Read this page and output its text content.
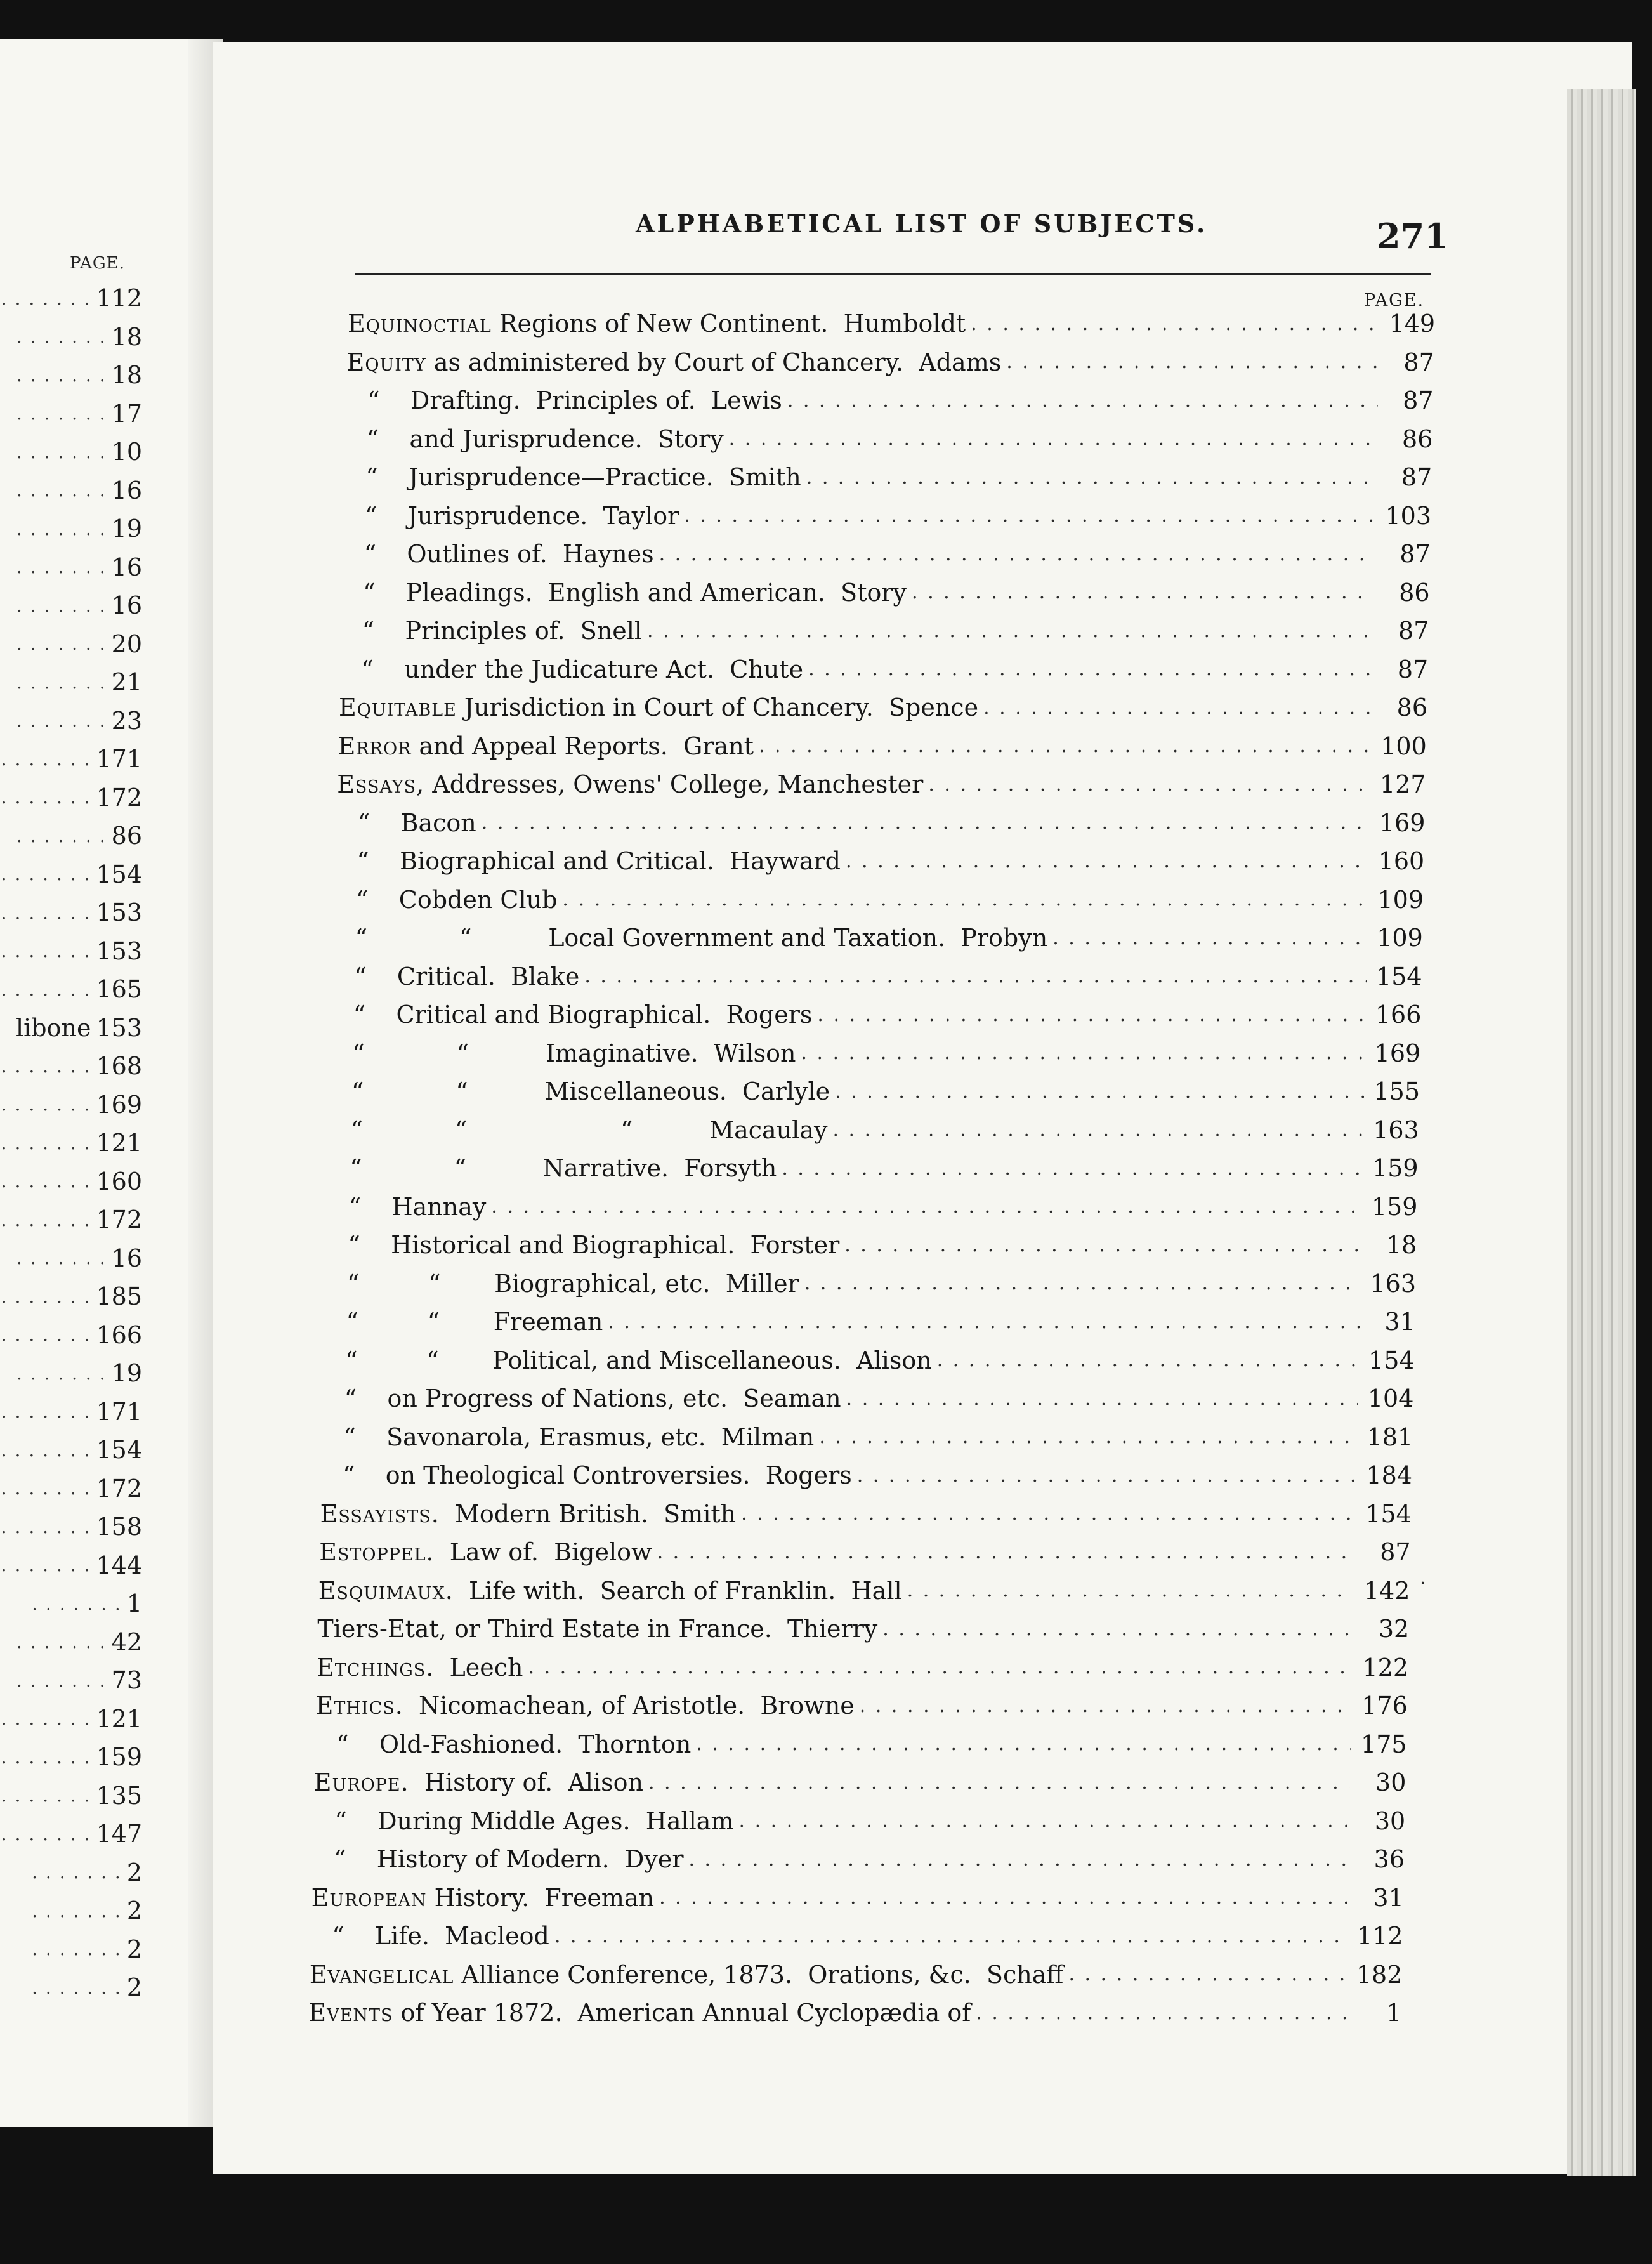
PAGE.
. . . . . . . 112
. . . . . . . 18
. . . . . . . 18
. . . . . . . 17
. . . . . . . 10
. . . . . . . 16
. . . . . . . 19
. . . . . . . 16
. . . . . . . 16
. . . . . . . 20
. . . . . . . 21
. . . . . . . 23
. . . . . . . 171
. . . . . . . 172
. . . . . . . 86
. . . . . . . 154
. . . . . . . 153
. . . . . . . 153
. . . . . . . 165
libone 153
. . . . . . . 168
. . . . . . . 169
. . . . . . . 121
. . . . . . . 160
. . . . . . . 172
. . . . . . . 16
. . . . . . . 185
. . . . . . . 166
. . . . . . . 19
. . . . . . . 171
. . . . . . . 154
. . . . . . . 172
. . . . . . . 158
. . . . . . . 144
. . . . . . . 1
. . . . . . . 42
. . . . . . . 73
. . . . . . . 121
. . . . . . . 159
. . . . . . . 135
. . . . . . . 147
. . . . . . . 2
. . . . . . . 2
. . . . . . . 2
. . . . . . . 2
ALPHABETICAL LIST OF SUBJECTS.	271
PAGE.
Equinoctial Regions of New Continent.  Humboldt . . .	149
Equity as administered by Court of Chancery.  Adams . . .	87
“    Drafting.  Principles of.  Lewis . . .	87
“    and Jurisprudence.  Story . . .	86
“    Jurisprudence—Practice.  Smith . . .	87
“    Jurisprudence.  Taylor . . .	103
“    Outlines of.  Haynes . . .	87
“    Pleadings.  English and American.  Story . . .	86
“    Principles of.  Snell . . .	87
“    under the Judicature Act.  Chute . . .	87
Equitable Jurisdiction in Court of Chancery.  Spence . . .	86
Error and Appeal Reports.  Grant . . .	100
Essays, Addresses, Owens' College, Manchester . . .	127
“    Bacon . . .	169
“    Biographical and Critical.  Hayward . . .	160
“    Cobden Club . . .	109
“            “          Local Government and Taxation.  Probyn . . .	109
“    Critical.  Blake . . .	154
“    Critical and Biographical.  Rogers . . .	166
“            “          Imaginative.  Wilson . . .	169
“            “          Miscellaneous.  Carlyle . . .	155
“            “                    “          Macaulay . . .	163
“            “          Narrative.  Forsyth . . .	159
“    Hannay . . .	159
“    Historical and Biographical.  Forster . . .	18
“         “       Biographical, etc.  Miller . . .	163
“         “       Freeman . . .	31
“         “       Political, and Miscellaneous.  Alison . . .	154
“    on Progress of Nations, etc.  Seaman . . .	104
“    Savonarola, Erasmus, etc.  Milman . . .	181
“    on Theological Controversies.  Rogers . . .	184
Essayists.  Modern British.  Smith . . .	154
Estoppel.  Law of.  Bigelow . . .	87
Esquimaux.  Life with.  Search of Franklin.  Hall . . .	142
Tiers-Etat, or Third Estate in France.  Thierry . . .	32
Etchings.  Leech . . .	122
Ethics.  Nicomachean, of Aristotle.  Browne . . .	176
“    Old-Fashioned.  Thornton . . .	175
Europe.  History of.  Alison . . .	30
“    During Middle Ages.  Hallam . . .	30
“    History of Modern.  Dyer . . .	36
European History.  Freeman . . .	31
“    Life.  Macleod . . .	112
Evangelical Alliance Conference, 1873.  Orations, &c.  Schaff . . .	182
Events of Year 1872.  American Annual Cyclopædia of . . .	1
·
